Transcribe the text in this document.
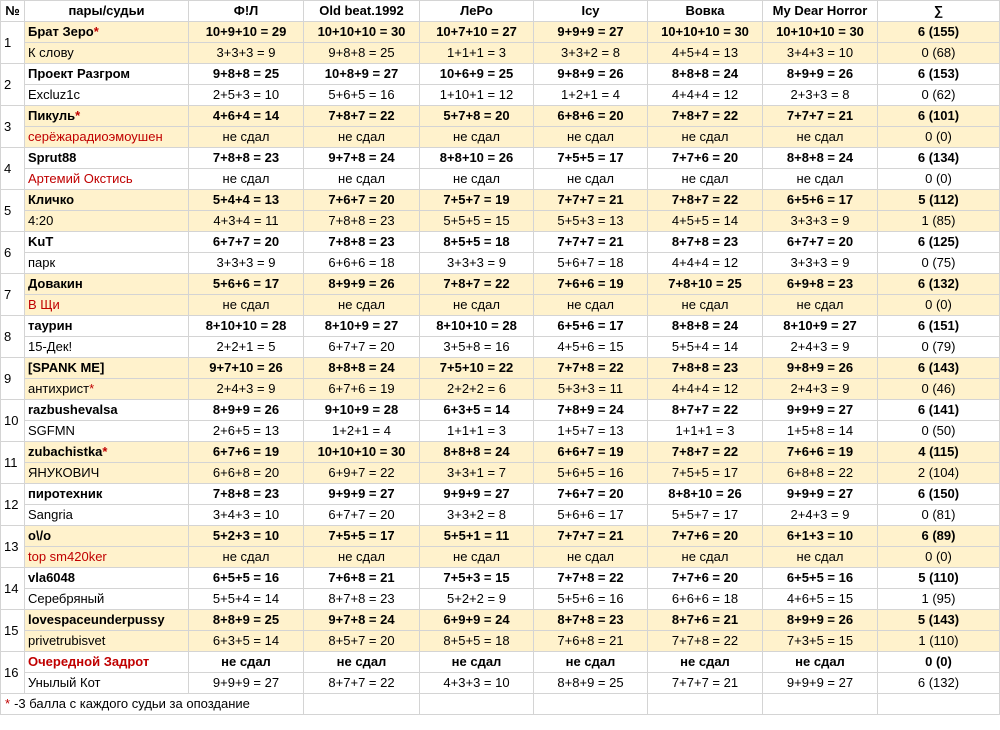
№	пары/судьи	Ф!Л	Old beat.1992	ЛеРо	Icy	Вовка	My Dear Horror	∑
1	Брат Зеро*	10+9+10 = 29	10+10+10 = 30	10+7+10 = 27	9+9+9 = 27	10+10+10 = 30	10+10+10 = 30	6 (155)
	К слову	3+3+3 = 9	9+8+8 = 25	1+1+1 = 3	3+3+2 = 8	4+5+4 = 13	3+4+3 = 10	0 (68)
2	Проект Разгром	9+8+8 = 25	10+8+9 = 27	10+6+9 = 25	9+8+9 = 26	8+8+8 = 24	8+9+9 = 26	6 (153)
	Excluz1c	2+5+3 = 10	5+6+5 = 16	1+10+1 = 12	1+2+1 = 4	4+4+4 = 12	2+3+3 = 8	0 (62)
3	Пикуль*	4+6+4 = 14	7+8+7 = 22	5+7+8 = 20	6+8+6 = 20	7+8+7 = 22	7+7+7 = 21	6 (101)
	серёжарадиоэмоушен	не сдал	не сдал	не сдал	не сдал	не сдал	не сдал	0 (0)
4	Sprut88	7+8+8 = 23	9+7+8 = 24	8+8+10 = 26	7+5+5 = 17	7+7+6 = 20	8+8+8 = 24	6 (134)
	Артемий Окстись	не сдал	не сдал	не сдал	не сдал	не сдал	не сдал	0 (0)
5	Кличко	5+4+4 = 13	7+6+7 = 20	7+5+7 = 19	7+7+7 = 21	7+8+7 = 22	6+5+6 = 17	5 (112)
	4:20	4+3+4 = 11	7+8+8 = 23	5+5+5 = 15	5+5+3 = 13	4+5+5 = 14	3+3+3 = 9	1 (85)
6	KuT	6+7+7 = 20	7+8+8 = 23	8+5+5 = 18	7+7+7 = 21	8+7+8 = 23	6+7+7 = 20	6 (125)
	парк	3+3+3 = 9	6+6+6 = 18	3+3+3 = 9	5+6+7 = 18	4+4+4 = 12	3+3+3 = 9	0 (75)
7	Довакин	5+6+6 = 17	8+9+9 = 26	7+8+7 = 22	7+6+6 = 19	7+8+10 = 25	6+9+8 = 23	6 (132)
	В Щи	не сдал	не сдал	не сдал	не сдал	не сдал	не сдал	0 (0)
8	таурин	8+10+10 = 28	8+10+9 = 27	8+10+10 = 28	6+5+6 = 17	8+8+8 = 24	8+10+9 = 27	6 (151)
	15-Дек!	2+2+1 = 5	6+7+7 = 20	3+5+8 = 16	4+5+6 = 15	5+5+4 = 14	2+4+3 = 9	0 (79)
9	[SPANK ME]	9+7+10 = 26	8+8+8 = 24	7+5+10 = 22	7+7+8 = 22	7+8+8 = 23	9+8+9 = 26	6 (143)
	антихрист*	2+4+3 = 9	6+7+6 = 19	2+2+2 = 6	5+3+3 = 11	4+4+4 = 12	2+4+3 = 9	0 (46)
10	razbushevalsa	8+9+9 = 26	9+10+9 = 28	6+3+5 = 14	7+8+9 = 24	8+7+7 = 22	9+9+9 = 27	6 (141)
	SGFMN	2+6+5 = 13	1+2+1 = 4	1+1+1 = 3	1+5+7 = 13	1+1+1 = 3	1+5+8 = 14	0 (50)
11	zubachistka*	6+7+6 = 19	10+10+10 = 30	8+8+8 = 24	6+6+7 = 19	7+8+7 = 22	7+6+6 = 19	4 (115)
	ЯНУКОВИЧ	6+6+8 = 20	6+9+7 = 22	3+3+1 = 7	5+6+5 = 16	7+5+5 = 17	6+8+8 = 22	2 (104)
12	пиротехник	7+8+8 = 23	9+9+9 = 27	9+9+9 = 27	7+6+7 = 20	8+8+10 = 26	9+9+9 = 27	6 (150)
	Sangria	3+4+3 = 10	6+7+7 = 20	3+3+2 = 8	5+6+6 = 17	5+5+7 = 17	2+4+3 = 9	0 (81)
13	o\/o	5+2+3 = 10	7+5+5 = 17	5+5+1 = 11	7+7+7 = 21	7+7+6 = 20	6+1+3 = 10	6 (89)
	top sm420ker	не сдал	не сдал	не сдал	не сдал	не сдал	не сдал	0 (0)
14	vla6048	6+5+5 = 16	7+6+8 = 21	7+5+3 = 15	7+7+8 = 22	7+7+6 = 20	6+5+5 = 16	5 (110)
	Серебряный	5+5+4 = 14	8+7+8 = 23	5+2+2 = 9	5+5+6 = 16	6+6+6 = 18	4+6+5 = 15	1 (95)
15	lovespaceunderpussy	8+8+9 = 25	9+7+8 = 24	6+9+9 = 24	8+7+8 = 23	8+7+6 = 21	8+9+9 = 26	5 (143)
	privetrubisvet	6+3+5 = 14	8+5+7 = 20	8+5+5 = 18	7+6+8 = 21	7+7+8 = 22	7+3+5 = 15	1 (110)
16	Очередной Задрот	не сдал	не сдал	не сдал	не сдал	не сдал	не сдал	0 (0)
	Унылый Кот	9+9+9 = 27	8+7+7 = 22	4+3+3 = 10	8+8+9 = 25	7+7+7 = 21	9+9+9 = 27	6 (132)
* -3 балла с каждого судьи за опоздание								
